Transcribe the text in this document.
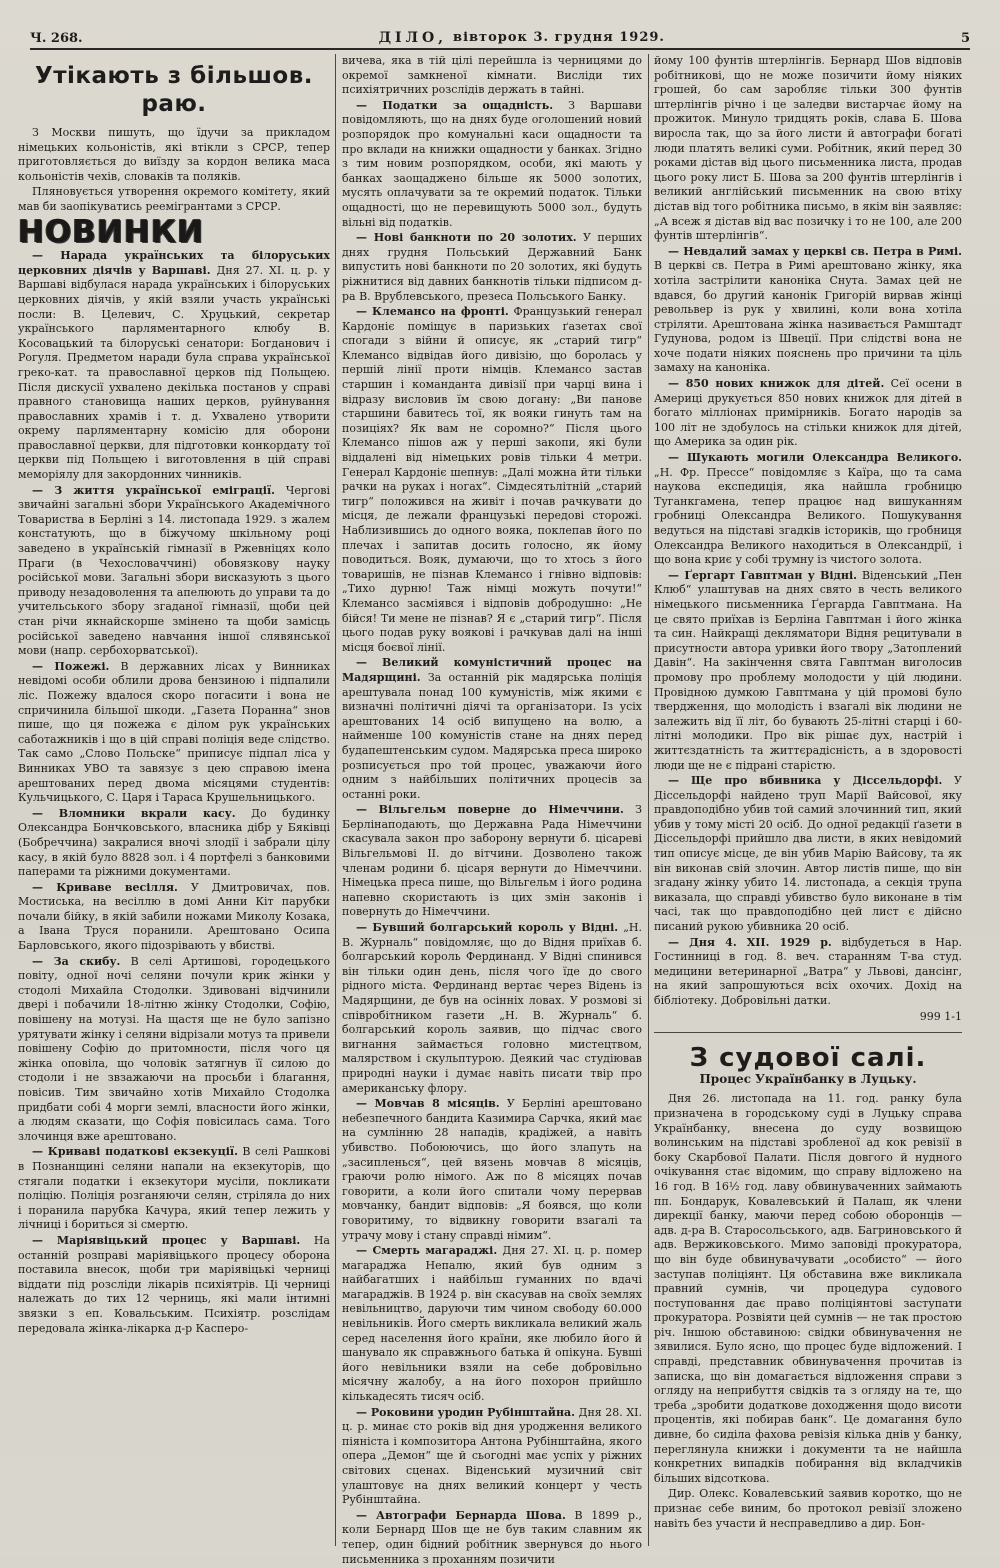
Ч. 268.	ДІЛО, вівторок 3. грудня 1929.	5
Утікають з більшов. раю.

З Москви пишуть, що їдучи за прикладом німецьких кольоністів, які втікли з СРСР, тепер приготовляється до виїзду за кордон велика маса кольоністів чехів, словаків та поляків.

Пляновується утворення окремого комітету, який мав би заопікуватись реемігрантами з СРСР.

НОВИНКИ

— Нарада українських та білоруських церковних діячів у Варшаві. Дня 27. ХІ. ц. р. у Варшаві відбулася нарада українських і білоруських церковних діячів, у якій взяли участь українські посли: В. Целевич, С. Хруцький, секретар українського парляментарного клюбу В. Косовацький та білоруські сенатори: Богданович і Рогуля. Предметом наради була справа української греко-кат. та православної церков під Польщею. Після дискусії ухвалено декілька постанов у справі правного становища наших церков, руйнування православних храмів і т. д. Ухвалено утворити окрему парляментарну комісію для оборони православної церкви, для підготовки конкордату тої церкви під Польщею і виготовлення в цій справі меморіялу для закордонних чинників.

— З життя української еміграції. Чергові звичайні загальні збори Українського Академічного Товариства в Берліні з 14. листопада 1929. з жалем констатують, що в біжучому шкільному році заведено в українській гімназії в Ржевніцях коло Праги (в Чехословаччині) обовязкову науку російської мови. Загальні збори висказують з цього приводу незадоволення та апелюють до управи та до учительського збору згаданої гімназії, щоби цей стан річи якнайскорше змінено та щоби замісць російської заведено навчання іншої слявянської мови (напр. сербохорватської).

— Пожежі. В державних лісах у Винниках невідомі особи облили дрова бензиною і підпалили ліс. Пожежу вдалося скоро погасити і вона не спричинила більшої шкоди. „Газета Поранна“ знов пише, що ця пожежа є ділом рук українських саботажників і що в цій справі поліція веде слідство. Так само „Слово Польске“ приписує підпал ліса у Винниках УВО та завязує з цею справою імена арештованих перед двома місяцями студентів: Кульчицького, С. Царя і Тараса Крушельницького.

— Вломники вкрали касу. До будинку Олександра Бончковського, власника дібр у Бяківці (Бобреччина) закралися вночі злодії і забрали цілу касу, в якій було 8828 зол. і 4 портфелі з банковими паперами та ріжними документами.

— Криваве весілля. У Дмитровичах, пов. Мостиська, на весіллю в домі Анни Кіт парубки почали бійку, в якій забили ножами Миколу Козака, а Івана Труся поранили. Арештовано Осипа Барловського, якого підозрівають у вбистві.

— За скибу. В селі Артишові, городецького повіту, одної ночі селяни почули крик жінки у стодолі Михайла Стодолки. Здивовані відчинили двері і побачили 18-літню жінку Стодолки, Софію, повішену на мотузі. На щастя ще не було запізно урятувати жінку і селяни відрізали мотуз та привели повішену Софію до притомности, після чого ця жінка оповіла, що чоловік затягнув її силою до стодоли і не звзажаючи на просьби і благання, повісив. Тим звичайно хотів Михайло Стодолка придбати собі 4 морги землі, власности його жінки, а людям сказати, що Софія повісилась сама. Того злочинця вже арештовано.

— Криваві податкові екзекуції. В селі Рашкові в Познанщині селяни напали на екзекуторів, що стягали податки і екзекутори мусіли, покликати поліцію. Поліція розганяючи селян, стріляла до них і поранила парубка Качура, який тепер лежить у лічниці і бориться зі смертю.

— Маріявіцький процес у Варшаві. На останній розправі маріявіцького процесу оборона поставила внесок, щоби три маріявіцькі черниці віддати під розсліди лікарів психіятрів. Ці черниці належать до тих 12 черниць, які мали інтимні звязки з еп. Ковальським. Психіятр. розслідам передовала жінка-лікарка д-р Касперо-

вичева, яка в тій цілі перейшла із черницями до окремої замкненої кімнати. Висліди тих психіятричних розслідів держать в тайні.

— Податки за ощадність. З Варшави повідомляють, що на днях буде оголошений новий розпорядок про комунальні каси ощадности та про вклади на книжки ощадности у банках. Згідно з тим новим розпорядком, особи, які мають у банках заощаджено більше як 5000 золотих, мусять оплачувати за те окремий податок. Тільки ощадності, що не перевищують 5000 зол., будуть вільні від податків.

— Нові банкноти по 20 золотих. У перших днях грудня Польський Державний Банк випустить нові банкноти по 20 золотих, які будуть ріжнитися від давних банкнотів тільки підписом д-ра В. Врублевського, презеса Польського Банку.

— Клемансо на фронті. Французький генерал Кардоніє поміщує в паризьких ґазетах свої спогади з війни й описує, як „старий тигр“ Клемансо відвідав його дивізію, що боролась у першій лінії проти німців. Клемансо застав старшин і команданта дивізії при чарці вина і відразу висловив їм свою догану: „Ви панове старшини бавитесь тої, як вояки гинуть там на позиціях? Як вам не соромно?“ Після цього Клемансо пішов аж у перші закопи, які були віддалені від німецьких ровів тільки 4 метри. Генерал Кардоніє шепнув: „Далі можна йти тільки рачки на руках і ногах“. Сімдесятьлітній „старий тигр“ положився на живіт і почав рачкувати до місця, де лежали французькі передові сторожі. Наблизившись до одного вояка, поклепав його по плечах і запитав досить голосно, як йому поводиться. Вояк, думаючи, що то хтось з його товаришів, не пізнав Клемансо і гнівно відповів: „Тихо дурню! Таж німці можуть почути!“ Клемансо засміявся і відповів добродушно: „Не бійся! Ти мене не пізнав? Я є „старий тигр“. Після цього подав руку воякові і рачкував далі на інші місця боєвої лінії.

— Великий комуністичний процес на Мадярщині. За останній рік мадярська поліція арештувала понад 100 кумуністів, між якими є визначні політичні діячі та організатори. Із усіх арештованих 14 осіб випущено на волю, а найменше 100 комуністів стане на днях перед будапештенським судом. Мадярська преса широко розписується про той процес, уважаючи його одним з найбільших політичних процесів за останні роки.

— Вільгельм поверне до Німеччини. З Берлінаподають, що Державна Рада Німеччини скасувала закон про заборону вернути б. цісареві Вільгельмові II. до вітчини. Дозволено також членам родини б. цісаря вернути до Німеччини. Німецька преса пише, що Вільгельм і його родина напевно скористають із цих змін законів і повернуть до Німеччини.

— Бувший болгарський король у Відні. „Н. В. Журналь“ повідомляє, що до Відня приїхав б. болгарський король Фердинанд. У Відні спинився він тільки один день, після чого їде до свого рідного міста. Фердинанд вертає через Відень із Мадярщини, де був на осінніх ловах. У розмові зі співробітником газети „Н. В. Журналь“ б. болгарський король заявив, що підчас свого вигнання займається головно мистецтвом, малярством і скульптурою. Деякий час студіював природні науки і думає навіть писати твір про американську флору.

— Мовчав 8 місяців. У Берліні арештовано небезпечного бандита Казимира Сарчка, який має на сумлінню 28 нападів, крадіжей, а навіть убивство. Побоюючись, що його злапуть на „засипленься“, цей вязень мовчав 8 місяців, граючи ролю німого. Аж по 8 місяцях почав говорити, а коли його спитали чому перервав мовчанку, бандит відповів: „Я боявся, що коли говоритиму, то відвикну говорити взагалі та утрачу мову і стану справді німим“.

— Смерть магараджі. Дня 27. ХІ. ц. р. помер магараджа Непалю, який був одним з найбагатших і найбільш гуманних по вдачі магараджів. В 1924 р. він скасував на своїх землях невільництво, даруючи тим чином свободу 60.000 невільників. Його смерть викликала великий жаль серед населення його країни, яке любило його й шанувало як справжнього батька й опікуна. Бувші його невільники взяли на себе добровільно місячну жалобу, а на його похорон прийшло кількадесять тисяч осіб.

— Роковини уродин Рубінштайна. Дня 28. ХІ. ц. р. минає сто років від дня уродження великого піяніста і композитора Антона Рубінштайна, якого опера „Демон“ ще й сьогодні має успіх у ріжних світових сценах. Віденський музичний світ улаштовує на днях великий концерт у честь Рубінштайна.

— Автографи Бернарда Шова. В 1899 р., коли Бернард Шов ще не був таким славним як тепер, один бідний робітник звернувся до нього письменника з проханням позичити

йому 100 фунтів штерлінгів. Бернард Шов відповів робітникові, що не може позичити йому ніяких грошей, бо сам заробляє тільки 300 фунтів штерлінгів річно і це заледви вистарчає йому на прожиток. Минуло тридцять років, слава Б. Шова виросла так, що за його листи й автографи богаті люди платять великі суми. Робітник, який перед 30 роками дістав від цього письменника листа, продав цього року лист Б. Шова за 200 фунтів штерлінгів і великий англійський письменник на свою втіху дістав від того робітника письмо, в якім він заявляє: „А всеж я дістав від вас позичку і то не 100, але 200 фунтів штерлінгів“.

— Невдалий замах у церкві св. Петра в Римі. В церкві св. Петра в Римі арештовано жінку, яка хотіла застрілити каноніка Снута. Замах цей не вдався, бо другий канонік Григорій вирвав жінці револьвер із рук у хвилині, коли вона хотіла стріляти. Арештована жінка називається Рамштадт Гудунова, родом із Швеції. При слідстві вона не хоче подати ніяких пояснень про причини та ціль замаху на каноніка.

— 850 нових книжок для дітей. Сеї осени в Америці друкується 850 нових книжок для дітей в богато мілліонах примірників. Богато народів за 100 літ не здобулось на стільки книжок для дітей, що Америка за один рік.

— Шукають могили Олександра Великого. „Н. Фр. Пpeсce“ повідомляє з Каїра, що та сама наукова експедиція, яка найшла гробницю Туганкгамена, тепер працює над вишуканням гробниці Олександра Великого. Пошукування ведуться на підставі згадків істориків, що гробниця Олександра Великого находиться в Олександрії, і що вона криє у собі трумну із чистого золота.

— Ґергарт Гавптман у Відні. Віденський „Пен Клюб“ улаштував на днях свято в честь великого німецького письменника Ґергарда Гавптмана. На це свято приїхав із Берліна Гавптман і його жінка та син. Найкращі декляматори Відня рецитували в присутности автора уривки його твору „Затоплений Давін“. На закінчення свята Гавптман виголосив промову про проблему молодости у цій людини. Провідною думкою Гавптмана у цій промові було твердження, що молодість і взагалі вік людини не залежить від її літ, бо бувають 25-літні старці і 60-літні молодики. Про вік рішає дух, настрій і життєздатність та життєрадісність, а в здоровості люди ще не є підрані старістю.

— Ще про вбивника у Діссельдорфі. У Діссельдорфі найдено труп Марії Вайсової, яку правдоподібно убив той самий злочинний тип, який убив у тому місті 20 осіб. До одної редакції ґазети в Діссельдорфі прийшло два листи, в яких невідомий тип описує місце, де він убив Марію Вайсову, та як він виконав свій злочин. Автор листів пише, що він згадану жінку убито 14. листопада, а секція трупа виказала, що справді убивство було виконане в тім часі, так що правдоподібно цей лист є дійсно писаний рукою убивника 20 осіб.

— Дня 4. ХІІ. 1929 р. відбудеться в Нар. Гостинниці в год. 8. веч. старанням Т-ва студ. медицини ветеринарної „Ватра“ у Львові, дансінг, на який запрошуються всіх охочих. Дохід на бібліотеку. Добровільні датки.

999 1-1
З судової салі.
Процес Українбанку в Луцьку.

Дня 26. листопада на 11. год. ранку була призначена в городському суді в Луцьку справа Українбанку, внесена до суду возвищою волинським на підставі зробленої ад кок ревізії в боку Скарбової Палати. Після довгого й нудного очікування стає відомим, що справу відложено на 16 год. В 16½ год. лаву обвинуваченних займають пп. Бондарук, Ковалевський й Палаш, як члени дирекції банку, маючи перед собою оборонців — адв. д-ра В. Старосольського, адв. Багриновського й адв. Вержиковського. Мимо заповіді прокуратора, що він буде обвинувачувати „особисто“ — його заступав поліціянт. Ця обставина вже викликала правний сумнів, чи процедура судового поступовання дає право поліціянтові заступати прокуратора. Розвіяти цей сумнів — не так простою річ. Іншою обставиною: свідки обвинувачення не зявилися. Було ясно, що процес буде відложений. І справді, представник обвинувачення прочитав із записка, що він домагається відложення справи з огляду на неприбуття свідків та з огляду на те, що треба „зробити додаткове доходження щодо висоти процентів, які побирав банк“. Це домагання було дивне, бо сиділа фахова ревізія кілька днів у банку, переглянула книжки і документи та не найшла конкретних випадків побирання від вкладчиків більших відсоткова.

Дир. Олекс. Ковалевський заявив коротко, що не признає себе виним, бо протокол ревізії зложено навіть без участи й несправедливо а дир. Бон-
